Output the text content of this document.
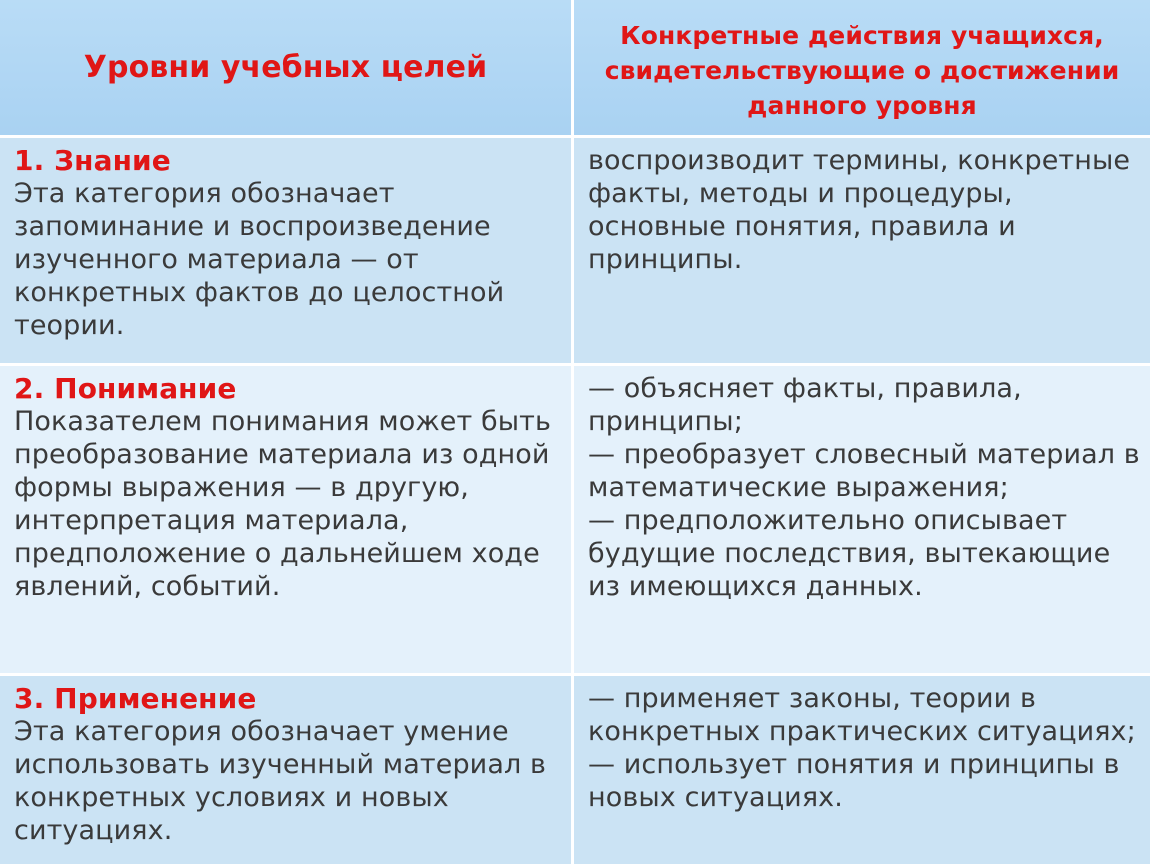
Уровни учебных целей
Конкретные действия учащихся, свидетельствующие о достижении данного уровня
1. Знание
Эта категория обозначает запоминание и воспроизведение изученного материала — от конкретных фактов до целостной теории.
воспроизводит термины, конкретные факты, методы и процедуры, основные понятия, правила и принципы.
2. Понимание
Показателем понимания может быть преобразование материала из одной формы выражения — в другую, интерпретация материала, предположение о дальнейшем ходе явлений, событий.
— объясняет факты, правила, принципы;
— преобразует словесный материал в математические выражения;
— предположительно описывает будущие последствия, вытекающие из имеющихся данных.
3. Применение
Эта категория обозначает умение использовать изученный материал в конкретных условиях и новых ситуациях.
— применяет законы, теории в конкретных практических ситуациях;
— использует понятия и принципы в новых ситуациях.
